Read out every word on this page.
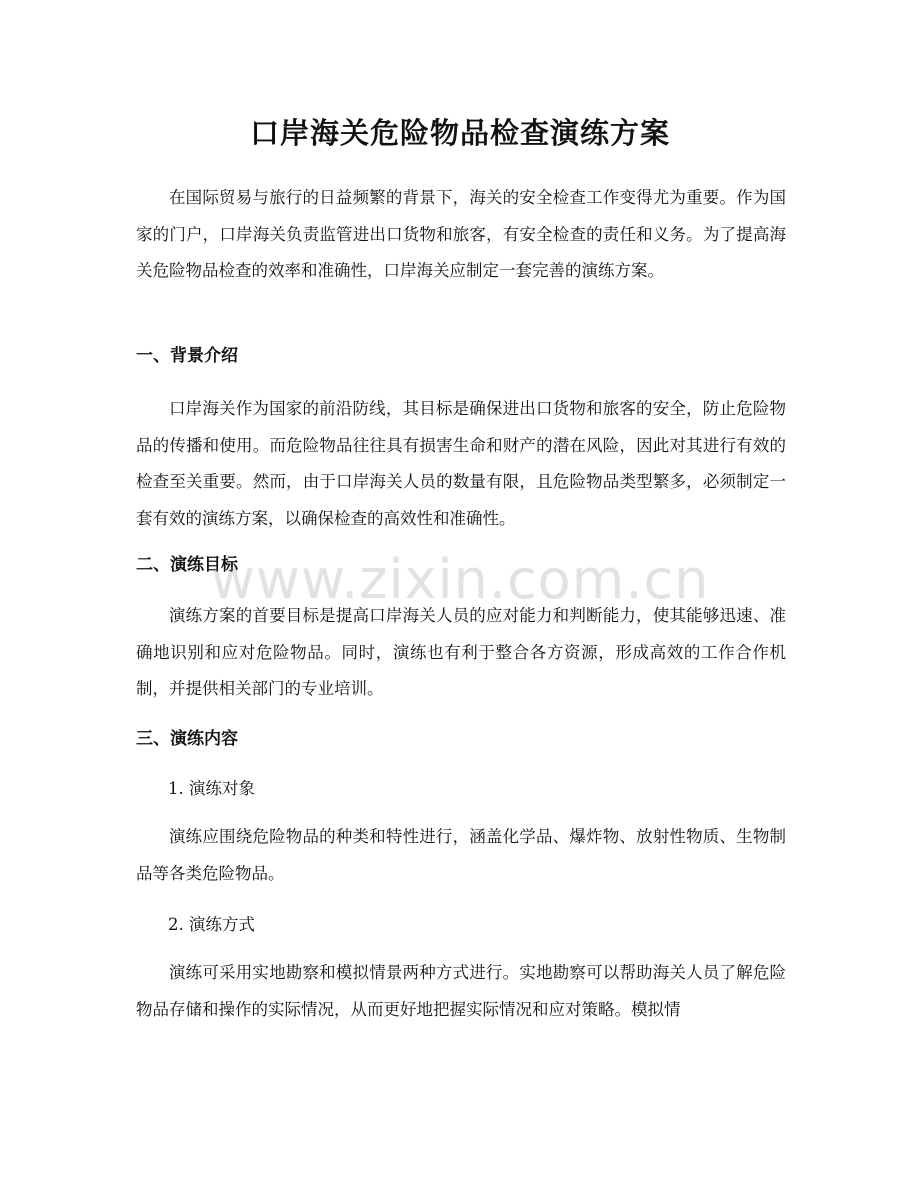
口岸海关危险物品检查演练方案

在国际贸易与旅行的日益频繁的背景下，海关的安全检查工作变得尤为重要。作为国家的门户，口岸海关负责监管进出口货物和旅客，有安全检查的责任和义务。为了提高海关危险物品检查的效率和准确性，口岸海关应制定一套完善的演练方案。

一、背景介绍

口岸海关作为国家的前沿防线，其目标是确保进出口货物和旅客的安全，防止危险物品的传播和使用。而危险物品往往具有损害生命和财产的潜在风险，因此对其进行有效的检查至关重要。然而，由于口岸海关人员的数量有限，且危险物品类型繁多，必须制定一套有效的演练方案，以确保检查的高效性和准确性。

二、演练目标

演练方案的首要目标是提高口岸海关人员的应对能力和判断能力，使其能够迅速、准确地识别和应对危险物品。同时，演练也有利于整合各方资源，形成高效的工作合作机制，并提供相关部门的专业培训。

三、演练内容
1. 演练对象

演练应围绕危险物品的种类和特性进行，涵盖化学品、爆炸物、放射性物质、生物制品等各类危险物品。

2. 演练方式

演练可采用实地勘察和模拟情景两种方式进行。实地勘察可以帮助海关人员了解危险物品存储和操作的实际情况，从而更好地把握实际情况和应对策略。模拟情

www.zixin.com.cn
